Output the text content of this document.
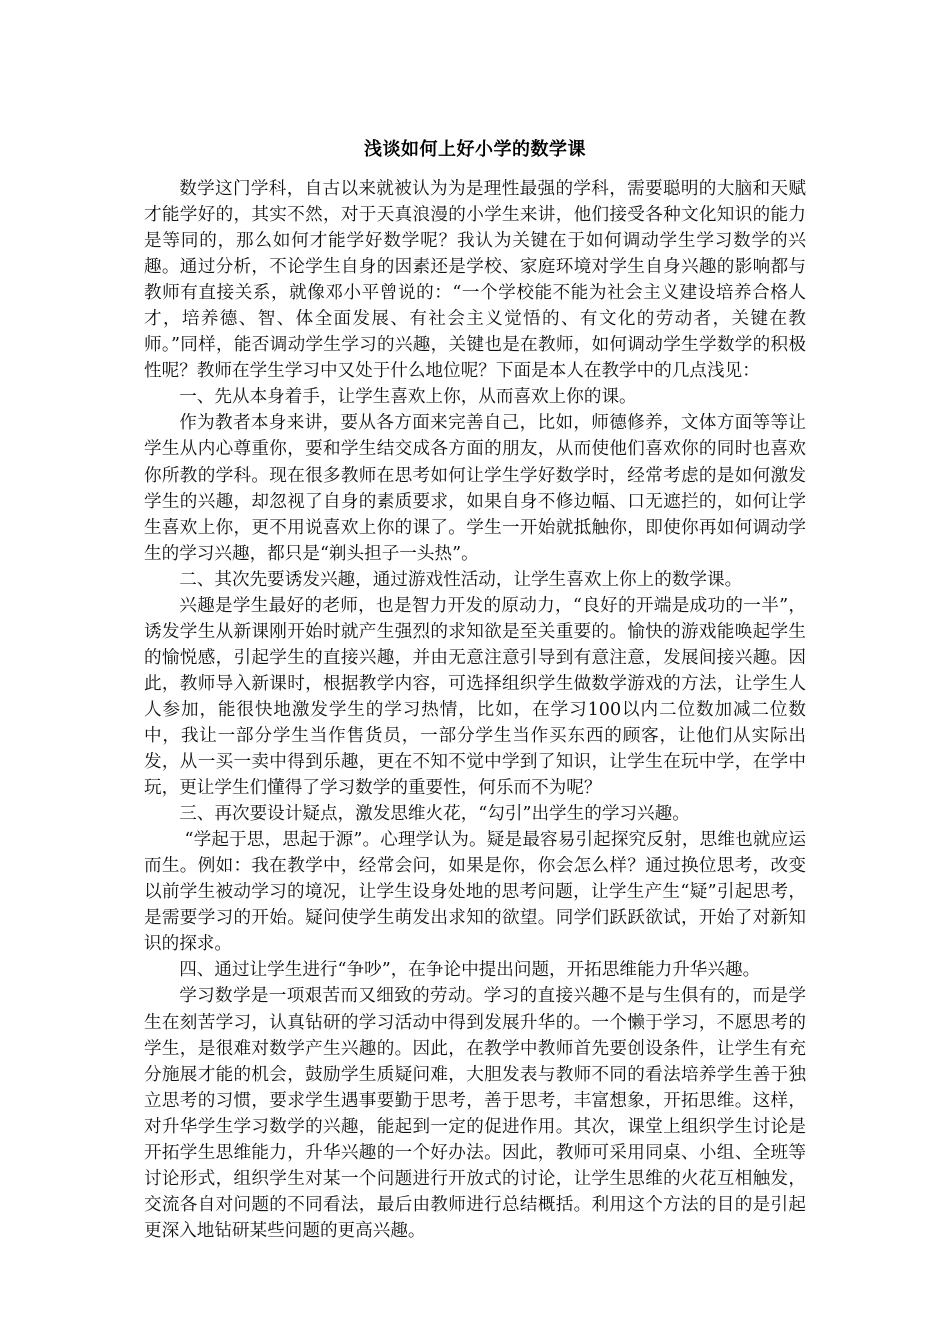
浅谈如何上好小学的数学课

数学这门学科，自古以来就被认为为是理性最强的学科，需要聪明的大脑和天赋才能学好的，其实不然，对于天真浪漫的小学生来讲，他们接受各种文化知识的能力是等同的，那么如何才能学好数学呢？我认为关键在于如何调动学生学习数学的兴趣。通过分析，不论学生自身的因素还是学校、家庭环境对学生自身兴趣的影响都与教师有直接关系，就像邓小平曾说的：“一个学校能不能为社会主义建设培养合格人才，培养德、智、体全面发展、有社会主义觉悟的、有文化的劳动者，关键在教师。”同样，能否调动学生学习的兴趣，关键也是在教师，如何调动学生学数学的积极性呢？教师在学生学习中又处于什么地位呢？下面是本人在教学中的几点浅见：

一、先从本身着手，让学生喜欢上你，从而喜欢上你的课。

作为教者本身来讲，要从各方面来完善自己，比如，师德修养，文体方面等等让学生从内心尊重你，要和学生结交成各方面的朋友，从而使他们喜欢你的同时也喜欢你所教的学科。现在很多教师在思考如何让学生学好数学时，经常考虑的是如何激发学生的兴趣，却忽视了自身的素质要求，如果自身不修边幅、口无遮拦的，如何让学生喜欢上你，更不用说喜欢上你的课了。学生一开始就抵触你，即使你再如何调动学生的学习兴趣，都只是“剃头担子一头热”。

二、其次先要诱发兴趣，通过游戏性活动，让学生喜欢上你上的数学课。

兴趣是学生最好的老师，也是智力开发的原动力，“良好的开端是成功的一半”，诱发学生从新课刚开始时就产生强烈的求知欲是至关重要的。愉快的游戏能唤起学生的愉悦感，引起学生的直接兴趣，并由无意注意引导到有意注意，发展间接兴趣。因此，教师导入新课时，根据教学内容，可选择组织学生做数学游戏的方法，让学生人人参加，能很快地激发学生的学习热情，比如，在学习100以内二位数加减二位数中，我让一部分学生当作售货员，一部分学生当作买东西的顾客，让他们从实际出发，从一买一卖中得到乐趣，更在不知不觉中学到了知识，让学生在玩中学，在学中玩，更让学生们懂得了学习数学的重要性，何乐而不为呢？

三、再次要设计疑点，激发思维火花，“勾引”出学生的学习兴趣。

“学起于思，思起于源”。心理学认为。疑是最容易引起探究反射，思维也就应运而生。例如：我在教学中，经常会问，如果是你，你会怎么样？通过换位思考，改变以前学生被动学习的境况，让学生设身处地的思考问题，让学生产生“疑”引起思考，是需要学习的开始。疑问使学生萌发出求知的欲望。同学们跃跃欲试，开始了对新知识的探求。

四、通过让学生进行“争吵”，在争论中提出问题，开拓思维能力升华兴趣。

学习数学是一项艰苦而又细致的劳动。学习的直接兴趣不是与生俱有的，而是学生在刻苦学习，认真钻研的学习活动中得到发展升华的。一个懒于学习，不愿思考的学生，是很难对数学产生兴趣的。因此，在教学中教师首先要创设条件，让学生有充分施展才能的机会，鼓励学生质疑问难，大胆发表与教师不同的看法培养学生善于独立思考的习惯，要求学生遇事要勤于思考，善于思考，丰富想象，开拓思维。这样，对升华学生学习数学的兴趣，能起到一定的促进作用。其次，课堂上组织学生讨论是开拓学生思维能力，升华兴趣的一个好办法。因此，教师可采用同桌、小组、全班等讨论形式，组织学生对某一个问题进行开放式的讨论，让学生思维的火花互相触发，交流各自对问题的不同看法，最后由教师进行总结概括。利用这个方法的目的是引起更深入地钻研某些问题的更高兴趣。
